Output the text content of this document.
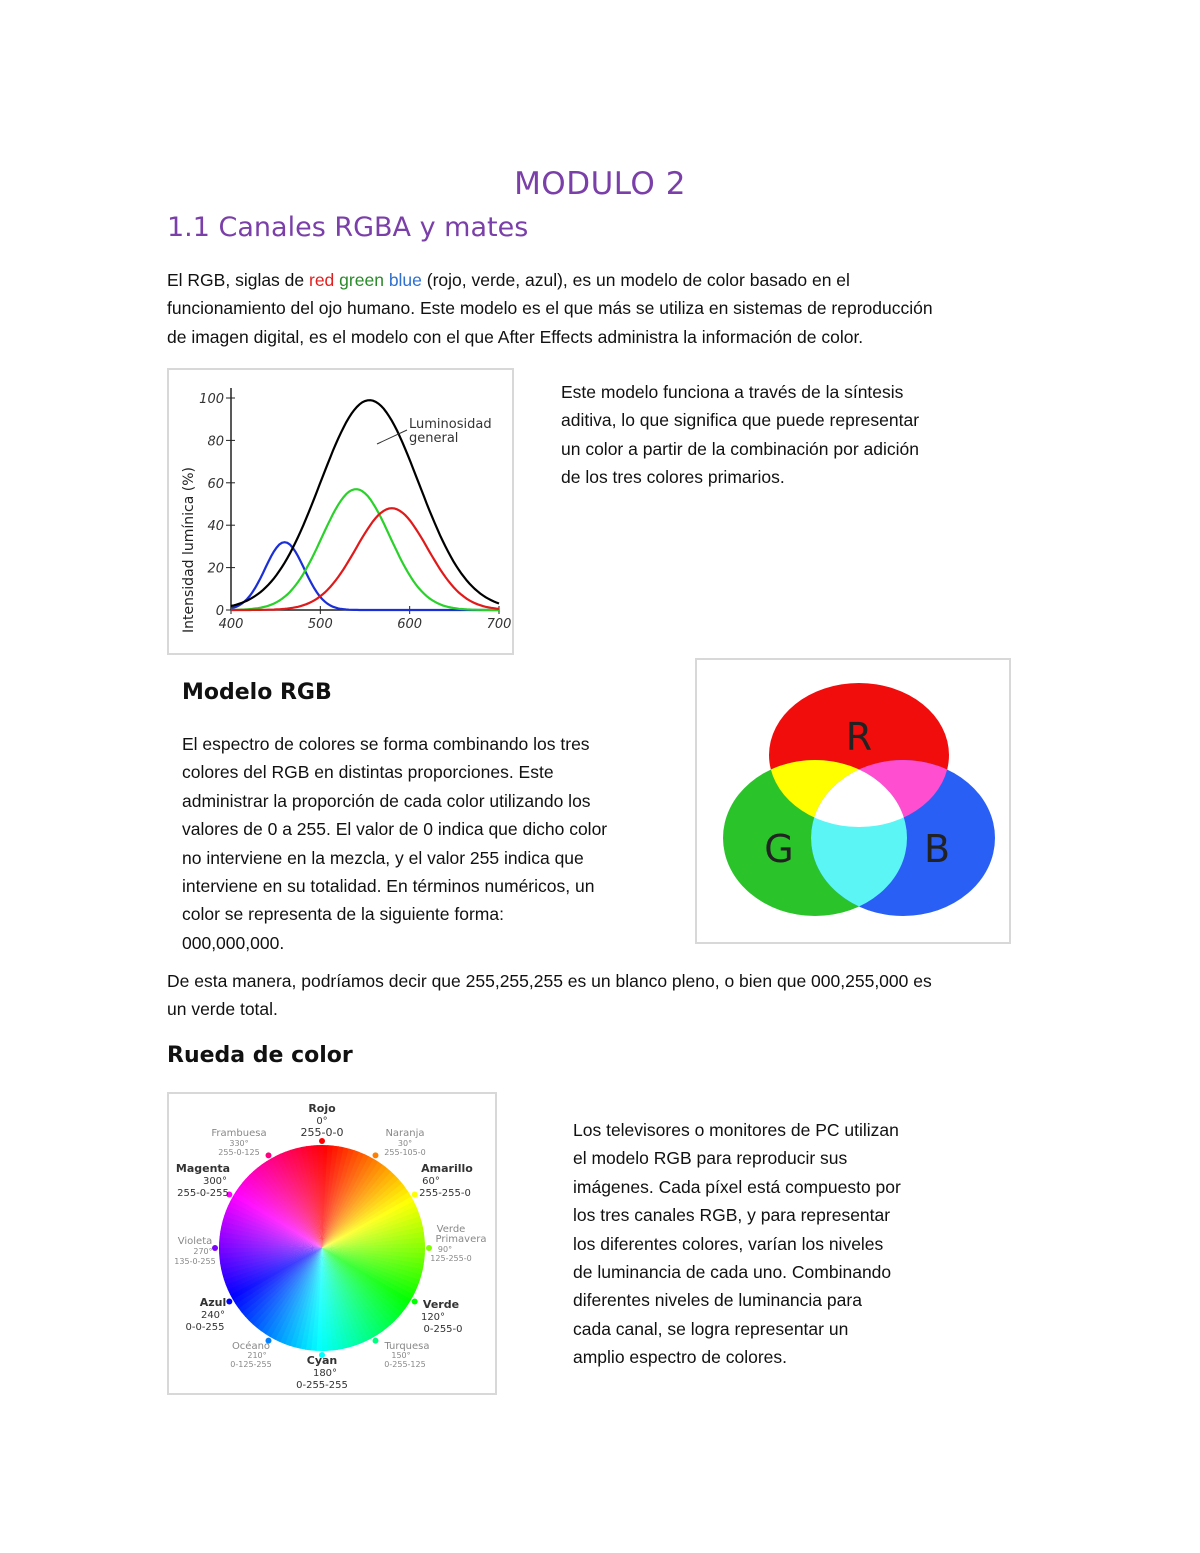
MODULO 2
1.1 Canales RGBA y mates
El RGB, siglas de red green blue (rojo, verde, azul), es un modelo de color basado en el
funcionamiento del ojo humano. Este modelo es el que más se utiliza en sistemas de reproducción
de imagen digital, es el modelo con el que After Effects administra la información de color.
Intensidad lumínica (%) 0
20
40
60
80
100
400	500	600	700
Luminosidad
general
Este modelo funciona a través de la síntesis
aditiva, lo que significa que puede representar
un color a partir de la combinación por adición
de los tres colores primarios.
Modelo RGB
El espectro de colores se forma combinando los tres
colores del RGB en distintas proporciones. Este
administrar la proporción de cada color utilizando los
valores de 0 a 255. El valor de 0 indica que dicho color
no interviene en la mezcla, y el valor 255 indica que
interviene en su totalidad. En términos numéricos, un
color se representa de la siguiente forma:
000,000,000.
R
G	B
De esta manera, podríamos decir que 255,255,255 es un blanco pleno, o bien que 000,255,000 es
un verde total.
Rueda de color
Rojo
0°
255-0-0
Frambuesa
330°
255-0-125
Naranja
30°
255-105-0
Magenta
300°
255-0-255
Amarillo
60°
255-255-0
Violeta
270°
135-0-255
Verde
Primavera
90°
125-255-0
Azul
240°
0-0-255
Verde
120°
0-255-0
Océano
210°
0-125-255
Turquesa
150°
0-255-125
Cyan
180°
0-255-255
Los televisores o monitores de PC utilizan
el modelo RGB para reproducir sus
imágenes. Cada píxel está compuesto por
los tres canales RGB, y para representar
los diferentes colores, varían los niveles
de luminancia de cada uno. Combinando
diferentes niveles de luminancia para
cada canal, se logra representar un
amplio espectro de colores.
